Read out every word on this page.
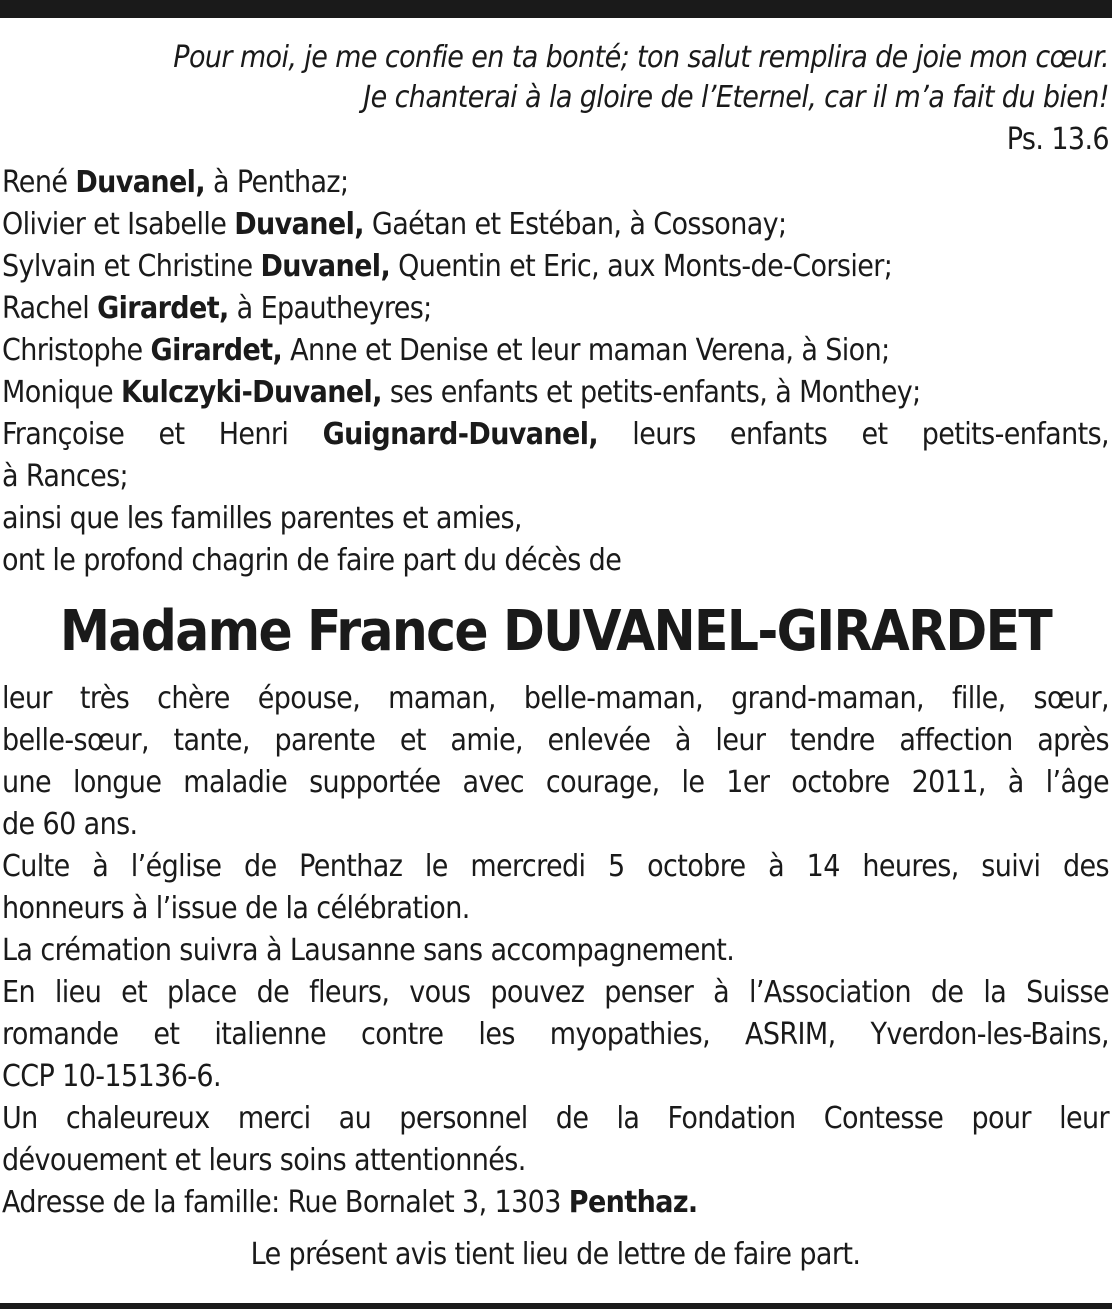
Pour moi, je me confie en ta bonté; ton salut remplira de joie mon cœur.
Je chanterai à la gloire de l’Eternel, car il m’a fait du bien!
Ps. 13.6
René Duvanel, à Penthaz;
Olivier et Isabelle Duvanel, Gaétan et Estéban, à Cossonay;
Sylvain et Christine Duvanel, Quentin et Eric, aux Monts-de-Corsier;
Rachel Girardet, à Epautheyres;
Christophe Girardet, Anne et Denise et leur maman Verena, à Sion;
Monique Kulczyki-Duvanel, ses enfants et petits-enfants, à Monthey;
Françoise et Henri Guignard-Duvanel, leurs enfants et petits-enfants,
à Rances;
ainsi que les familles parentes et amies,
ont le profond chagrin de faire part du décès de
Madame France DUVANEL-GIRARDET
leur très chère épouse, maman, belle-maman, grand-maman, fille, sœur,
belle-sœur, tante, parente et amie, enlevée à leur tendre affection après
une longue maladie supportée avec courage, le 1er octobre 2011, à l’âge
de 60 ans.
Culte à l’église de Penthaz le mercredi 5 octobre à 14 heures, suivi des
honneurs à l’issue de la célébration.
La crémation suivra à Lausanne sans accompagnement.
En lieu et place de fleurs, vous pouvez penser à l’Association de la Suisse
romande et italienne contre les myopathies, ASRIM, Yverdon-les-Bains,
CCP 10-15136-6.
Un chaleureux merci au personnel de la Fondation Contesse pour leur
dévouement et leurs soins attentionnés.
Adresse de la famille: Rue Bornalet 3, 1303 Penthaz.
Le présent avis tient lieu de lettre de faire part.
